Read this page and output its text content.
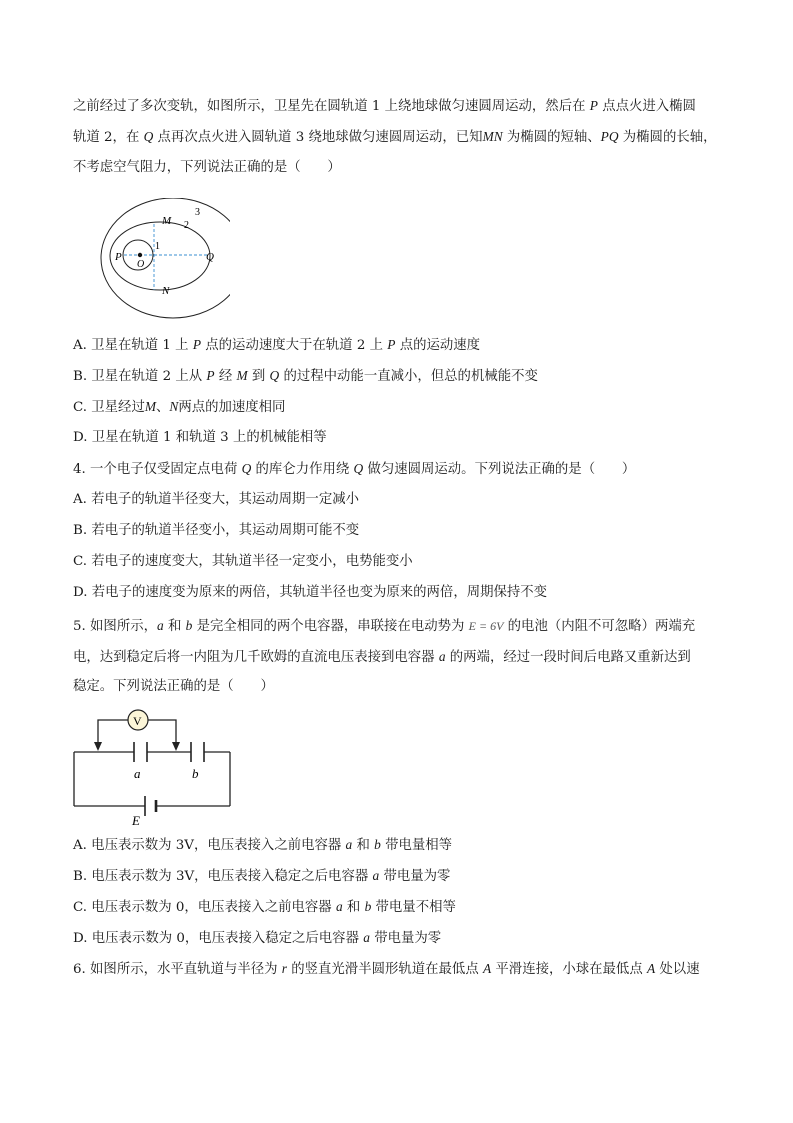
之前经过了多次变轨，如图所示，卫星先在圆轨道 1 上绕地球做匀速圆周运动，然后在 P 点点火进入椭圆
轨道 2，在 Q 点再次点火进入圆轨道 3 绕地球做匀速圆周运动，已知MN 为椭圆的短轴、PQ 为椭圆的长轴，
不考虑空气阻力，下列说法正确的是（　　）
M
N
P	Q
O
1
2
3
A. 卫星在轨道 1 上 P 点的运动速度大于在轨道 2 上 P 点的运动速度
B. 卫星在轨道 2 上从 P 经 M 到 Q 的过程中动能一直减小，但总的机械能不变
C. 卫星经过M、N两点的加速度相同
D. 卫星在轨道 1 和轨道 3 上的机械能相等
4. 一个电子仅受固定点电荷 Q 的库仑力作用绕 Q 做匀速圆周运动。下列说法正确的是（　　）
A. 若电子的轨道半径变大，其运动周期一定减小
B. 若电子的轨道半径变小，其运动周期可能不变
C. 若电子的速度变大，其轨道半径一定变小，电势能变小
D. 若电子的速度变为原来的两倍，其轨道半径也变为原来的两倍，周期保持不变
5. 如图所示，a 和 b 是完全相同的两个电容器，串联接在电动势为 E = 6V 的电池（内阻不可忽略）两端充
电，达到稳定后将一内阻为几千欧姆的直流电压表接到电容器 a 的两端，经过一段时间后电路又重新达到
稳定。下列说法正确的是（　　）
V
a	b
E
A. 电压表示数为 3V，电压表接入之前电容器 a 和 b 带电量相等
B. 电压表示数为 3V，电压表接入稳定之后电容器 a 带电量为零
C. 电压表示数为 0，电压表接入之前电容器 a 和 b 带电量不相等
D. 电压表示数为 0，电压表接入稳定之后电容器 a 带电量为零
6. 如图所示，水平直轨道与半径为 r 的竖直光滑半圆形轨道在最低点 A 平滑连接，小球在最低点 A 处以速
